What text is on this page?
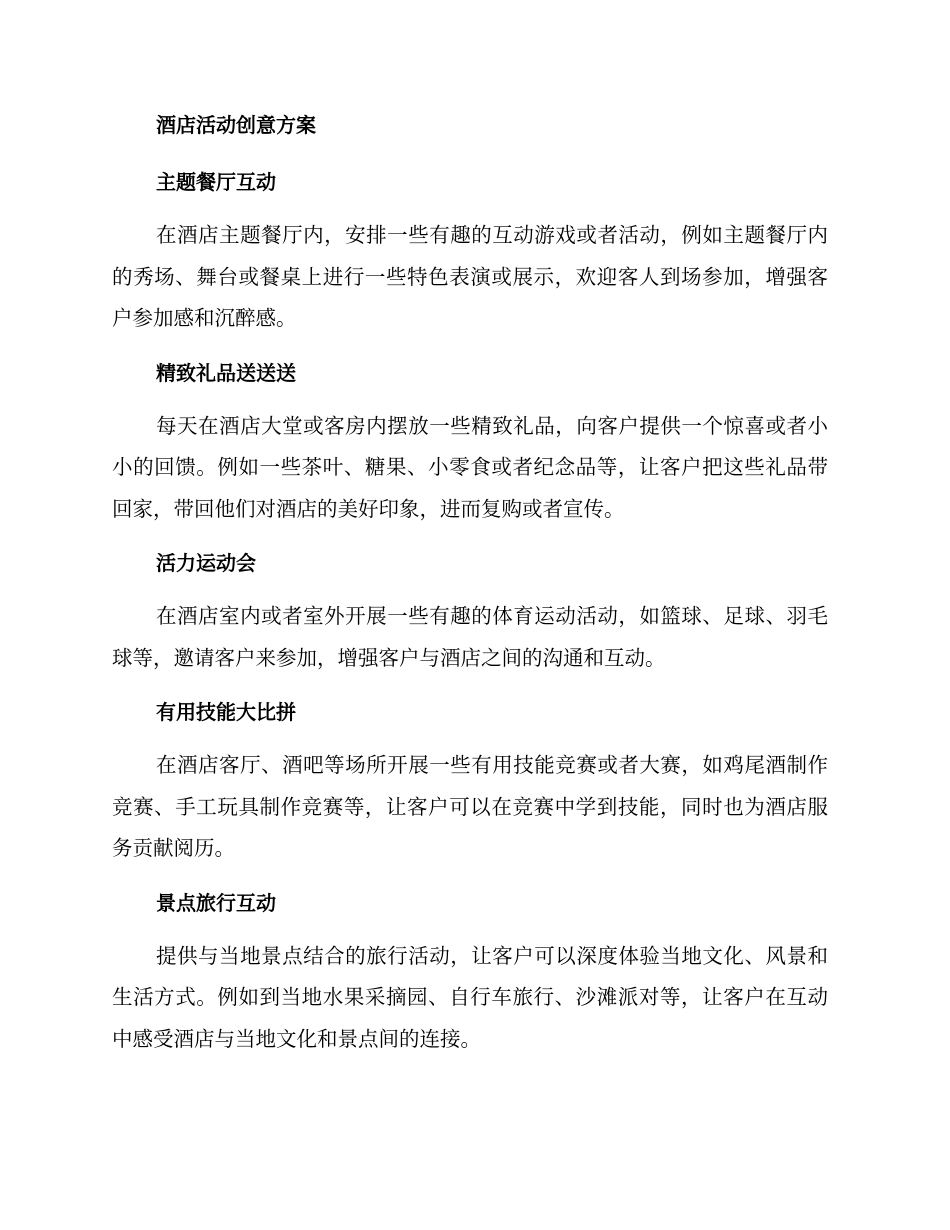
酒店活动创意方案
主题餐厅互动

在酒店主题餐厅内，安排一些有趣的互动游戏或者活动，例如主题餐厅内的秀场、舞台或餐桌上进行一些特色表演或展示，欢迎客人到场参加，增强客户参加感和沉醉感。

精致礼品送送送

每天在酒店大堂或客房内摆放一些精致礼品，向客户提供一个惊喜或者小小的回馈。例如一些茶叶、糖果、小零食或者纪念品等，让客户把这些礼品带回家，带回他们对酒店的美好印象，进而复购或者宣传。

活力运动会

在酒店室内或者室外开展一些有趣的体育运动活动，如篮球、足球、羽毛球等，邀请客户来参加，增强客户与酒店之间的沟通和互动。

有用技能大比拼

在酒店客厅、酒吧等场所开展一些有用技能竞赛或者大赛，如鸡尾酒制作竞赛、手工玩具制作竞赛等，让客户可以在竞赛中学到技能，同时也为酒店服务贡献阅历。

景点旅行互动

提供与当地景点结合的旅行活动，让客户可以深度体验当地文化、风景和生活方式。例如到当地水果采摘园、自行车旅行、沙滩派对等，让客户在互动中感受酒店与当地文化和景点间的连接。
